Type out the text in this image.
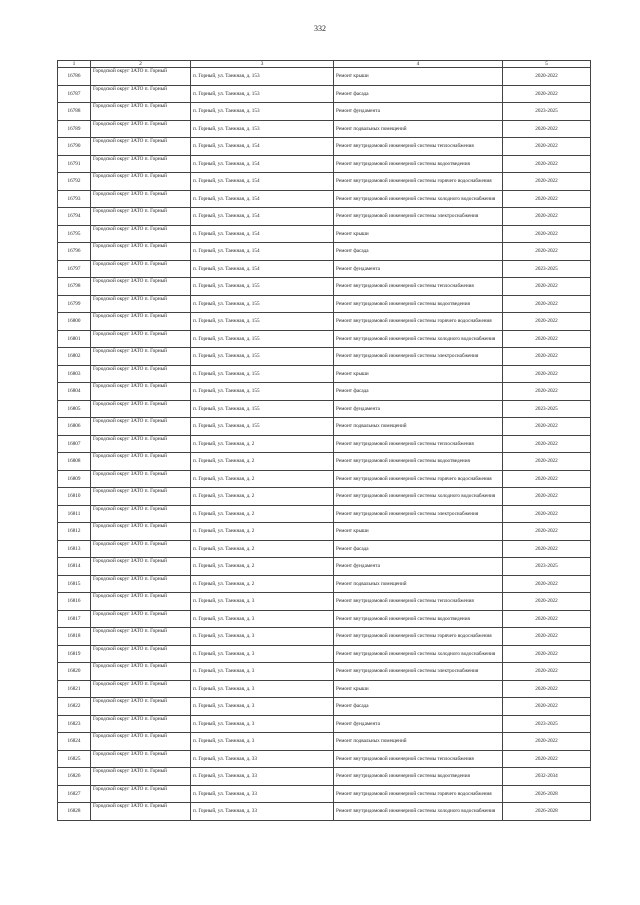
332
1	2	3	4	5
16786	Городской округ ЗАТО п. Горный	п. Горный, ул. Таежная, д. 153	Ремонт крыши	2020-2022
16787	Городской округ ЗАТО п. Горный	п. Горный, ул. Таежная, д. 153	Ремонт фасада	2020-2022
16788	Городской округ ЗАТО п. Горный	п. Горный, ул. Таежная, д. 153	Ремонт фундамента	2023-2025
16789	Городской округ ЗАТО п. Горный	п. Горный, ул. Таежная, д. 153	Ремонт подвальных помещений	2020-2022
16790	Городской округ ЗАТО п. Горный	п. Горный, ул. Таежная, д. 154	Ремонт внутридомовой инженерной системы теплоснабжения	2020-2022
16791	Городской округ ЗАТО п. Горный	п. Горный, ул. Таежная, д. 154	Ремонт внутридомовой инженерной системы водоотведения	2020-2022
16792	Городской округ ЗАТО п. Горный	п. Горный, ул. Таежная, д. 154	Ремонт внутридомовой инженерной системы горячего водоснабжения	2020-2022
16793	Городской округ ЗАТО п. Горный	п. Горный, ул. Таежная, д. 154	Ремонт внутридомовой инженерной системы холодного водоснабжения	2020-2022
16794	Городской округ ЗАТО п. Горный	п. Горный, ул. Таежная, д. 154	Ремонт внутридомовой инженерной системы электроснабжения	2020-2022
16795	Городской округ ЗАТО п. Горный	п. Горный, ул. Таежная, д. 154	Ремонт крыши	2020-2022
16796	Городской округ ЗАТО п. Горный	п. Горный, ул. Таежная, д. 154	Ремонт фасада	2020-2022
16797	Городской округ ЗАТО п. Горный	п. Горный, ул. Таежная, д. 154	Ремонт фундамента	2023-2025
16798	Городской округ ЗАТО п. Горный	п. Горный, ул. Таежная, д. 155	Ремонт внутридомовой инженерной системы теплоснабжения	2020-2022
16799	Городской округ ЗАТО п. Горный	п. Горный, ул. Таежная, д. 155	Ремонт внутридомовой инженерной системы водоотведения	2020-2022
16800	Городской округ ЗАТО п. Горный	п. Горный, ул. Таежная, д. 155	Ремонт внутридомовой инженерной системы горячего водоснабжения	2020-2022
16801	Городской округ ЗАТО п. Горный	п. Горный, ул. Таежная, д. 155	Ремонт внутридомовой инженерной системы холодного водоснабжения	2020-2022
16802	Городской округ ЗАТО п. Горный	п. Горный, ул. Таежная, д. 155	Ремонт внутридомовой инженерной системы электроснабжения	2020-2022
16803	Городской округ ЗАТО п. Горный	п. Горный, ул. Таежная, д. 155	Ремонт крыши	2020-2022
16804	Городской округ ЗАТО п. Горный	п. Горный, ул. Таежная, д. 155	Ремонт фасада	2020-2022
16805	Городской округ ЗАТО п. Горный	п. Горный, ул. Таежная, д. 155	Ремонт фундамента	2023-2025
16806	Городской округ ЗАТО п. Горный	п. Горный, ул. Таежная, д. 155	Ремонт подвальных помещений	2020-2022
16807	Городской округ ЗАТО п. Горный	п. Горный, ул. Таежная, д. 2	Ремонт внутридомовой инженерной системы теплоснабжения	2020-2022
16808	Городской округ ЗАТО п. Горный	п. Горный, ул. Таежная, д. 2	Ремонт внутридомовой инженерной системы водоотведения	2020-2022
16809	Городской округ ЗАТО п. Горный	п. Горный, ул. Таежная, д. 2	Ремонт внутридомовой инженерной системы горячего водоснабжения	2020-2022
16810	Городской округ ЗАТО п. Горный	п. Горный, ул. Таежная, д. 2	Ремонт внутридомовой инженерной системы холодного водоснабжения	2020-2022
16811	Городской округ ЗАТО п. Горный	п. Горный, ул. Таежная, д. 2	Ремонт внутридомовой инженерной системы электроснабжения	2020-2022
16812	Городской округ ЗАТО п. Горный	п. Горный, ул. Таежная, д. 2	Ремонт крыши	2020-2022
16813	Городской округ ЗАТО п. Горный	п. Горный, ул. Таежная, д. 2	Ремонт фасада	2020-2022
16814	Городской округ ЗАТО п. Горный	п. Горный, ул. Таежная, д. 2	Ремонт фундамента	2023-2025
16815	Городской округ ЗАТО п. Горный	п. Горный, ул. Таежная, д. 2	Ремонт подвальных помещений	2020-2022
16816	Городской округ ЗАТО п. Горный	п. Горный, ул. Таежная, д. 3	Ремонт внутридомовой инженерной системы теплоснабжения	2020-2022
16817	Городской округ ЗАТО п. Горный	п. Горный, ул. Таежная, д. 3	Ремонт внутридомовой инженерной системы водоотведения	2020-2022
16818	Городской округ ЗАТО п. Горный	п. Горный, ул. Таежная, д. 3	Ремонт внутридомовой инженерной системы горячего водоснабжения	2020-2022
16819	Городской округ ЗАТО п. Горный	п. Горный, ул. Таежная, д. 3	Ремонт внутридомовой инженерной системы холодного водоснабжения	2020-2022
16820	Городской округ ЗАТО п. Горный	п. Горный, ул. Таежная, д. 3	Ремонт внутридомовой инженерной системы электроснабжения	2020-2022
16821	Городской округ ЗАТО п. Горный	п. Горный, ул. Таежная, д. 3	Ремонт крыши	2020-2022
16822	Городской округ ЗАТО п. Горный	п. Горный, ул. Таежная, д. 3	Ремонт фасада	2020-2022
16823	Городской округ ЗАТО п. Горный	п. Горный, ул. Таежная, д. 3	Ремонт фундамента	2023-2025
16824	Городской округ ЗАТО п. Горный	п. Горный, ул. Таежная, д. 3	Ремонт подвальных помещений	2020-2022
16825	Городской округ ЗАТО п. Горный	п. Горный, ул. Таежная, д. 33	Ремонт внутридомовой инженерной системы теплоснабжения	2020-2022
16826	Городской округ ЗАТО п. Горный	п. Горный, ул. Таежная, д. 33	Ремонт внутридомовой инженерной системы водоотведения	2032-2034
16827	Городской округ ЗАТО п. Горный	п. Горный, ул. Таежная, д. 33	Ремонт внутридомовой инженерной системы горячего водоснабжения	2026-2028
16828	Городской округ ЗАТО п. Горный	п. Горный, ул. Таежная, д. 33	Ремонт внутридомовой инженерной системы холодного водоснабжения	2026-2028
